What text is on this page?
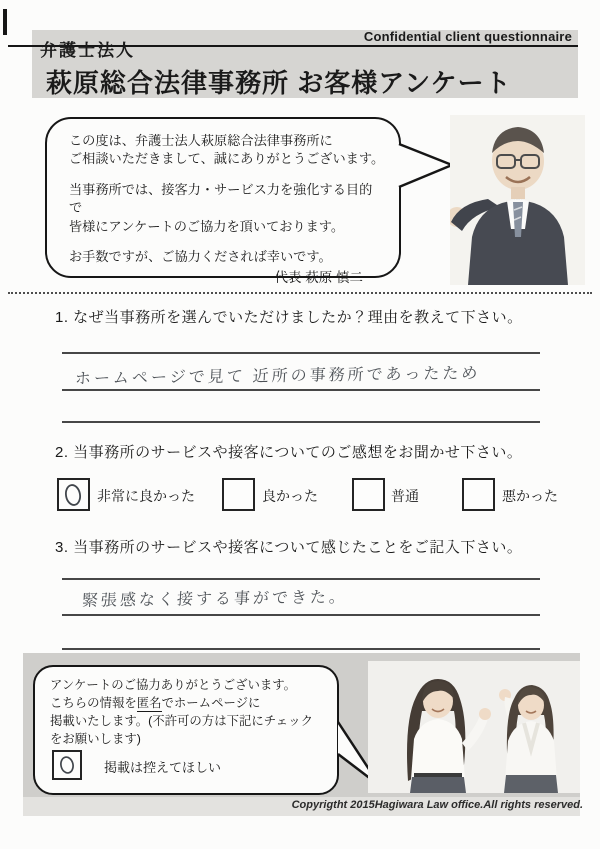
弁護士法人
Confidential client questionnaire
萩原総合法律事務所 お客様アンケート

この度は、弁護士法人萩原総合法律事務所に
ご相談いただきまして、誠にありがとうございます。

当事務所では、接客力・サービス力を強化する目的で
皆様にアンケートのご協力を頂いております。

お手数ですが、ご協力くだされば幸いです。

代表 萩原 慎二
1. なぜ当事務所を選んでいただけましたか？理由を教えて下さい。
ホームページで見て 近所の事務所であったため
2. 当事務所のサービスや接客についてのご感想をお聞かせ下さい。
非常に良かった	良かった	普通	悪かった
3. 当事務所のサービスや接客について感じたことをご記入下さい。
緊張感なく接する事ができた。
アンケートのご協力ありがとうございます。
こちらの情報を匿名でホームページに
掲載いたします。(不許可の方は下記にチェック
をお願いします)
掲載は控えてほしい
Copyrigtht 2015Hagiwara Law office.All rights reserved.
